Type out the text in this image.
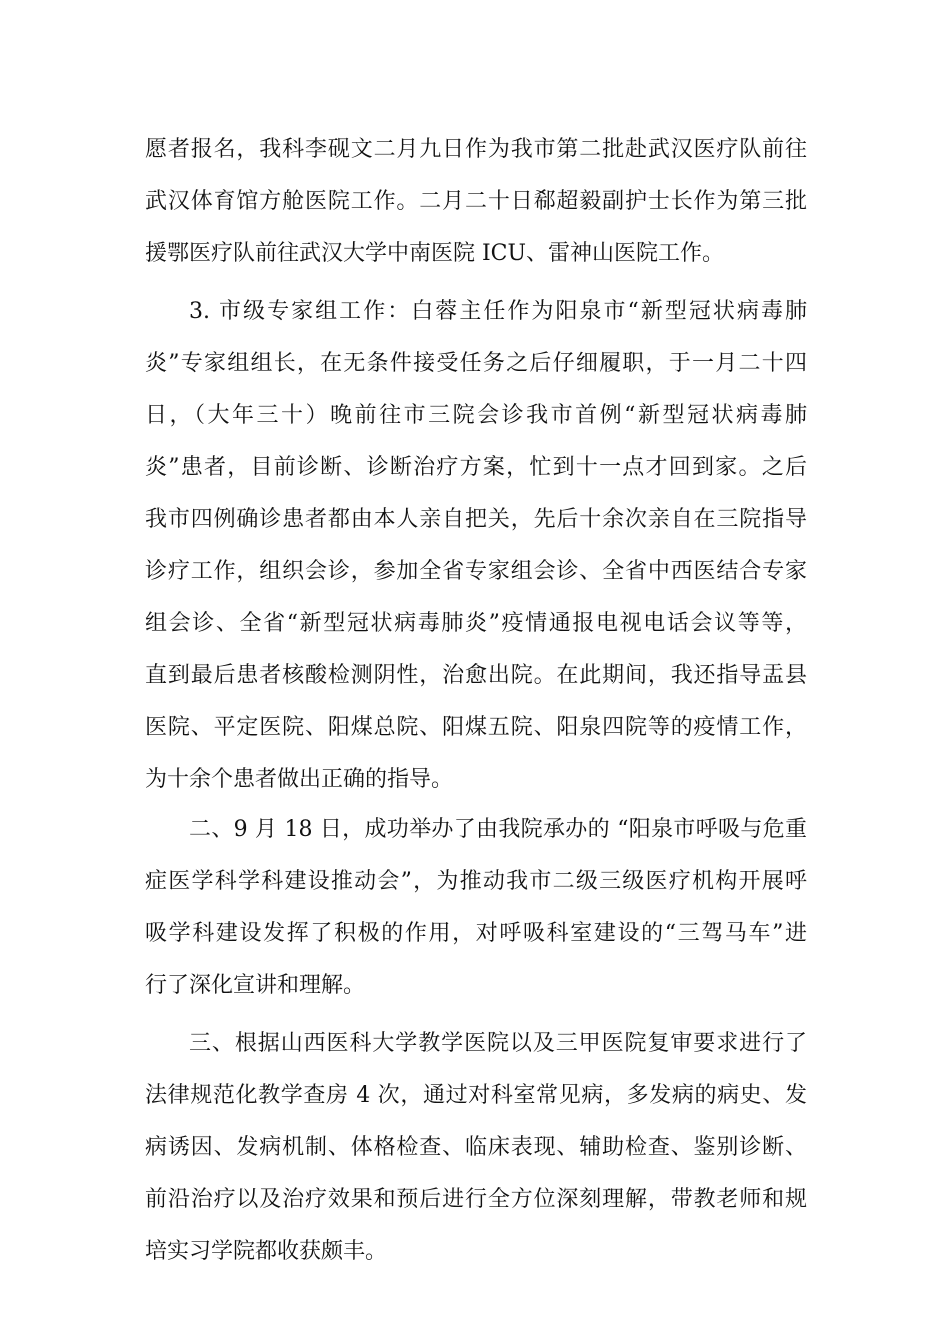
愿者报名，我科李砚文二月九日作为我市第二批赴武汉医疗队前往
武汉体育馆方舱医院工作。二月二十日郗超毅副护士长作为第三批
援鄂医疗队前往武汉大学中南医院 ICU、雷神山医院工作。
3. 市级专家组工作：白蓉主任作为阳泉市“新型冠状病毒肺
炎”专家组组长，在无条件接受任务之后仔细履职，于一月二十四
日，（大年三十）晚前往市三院会诊我市首例“新型冠状病毒肺
炎”患者，目前诊断、诊断治疗方案，忙到十一点才回到家。之后
我市四例确诊患者都由本人亲自把关，先后十余次亲自在三院指导
诊疗工作，组织会诊，参加全省专家组会诊、全省中西医结合专家
组会诊、全省“新型冠状病毒肺炎”疫情通报电视电话会议等等，
直到最后患者核酸检测阴性，治愈出院。在此期间，我还指导盂县
医院、平定医院、阳煤总院、阳煤五院、阳泉四院等的疫情工作，
为十余个患者做出正确的指导。
二、9 月 18 日，成功举办了由我院承办的 “阳泉市呼吸与危重
症医学科学科建设推动会”，为推动我市二级三级医疗机构开展呼
吸学科建设发挥了积极的作用，对呼吸科室建设的“三驾马车”进
行了深化宣讲和理解。
三、根据山西医科大学教学医院以及三甲医院复审要求进行了
法律规范化教学查房 4 次，通过对科室常见病，多发病的病史、发
病诱因、发病机制、体格检查、临床表现、辅助检查、鉴别诊断、
前沿治疗以及治疗效果和预后进行全方位深刻理解，带教老师和规
培实习学院都收获颇丰。
